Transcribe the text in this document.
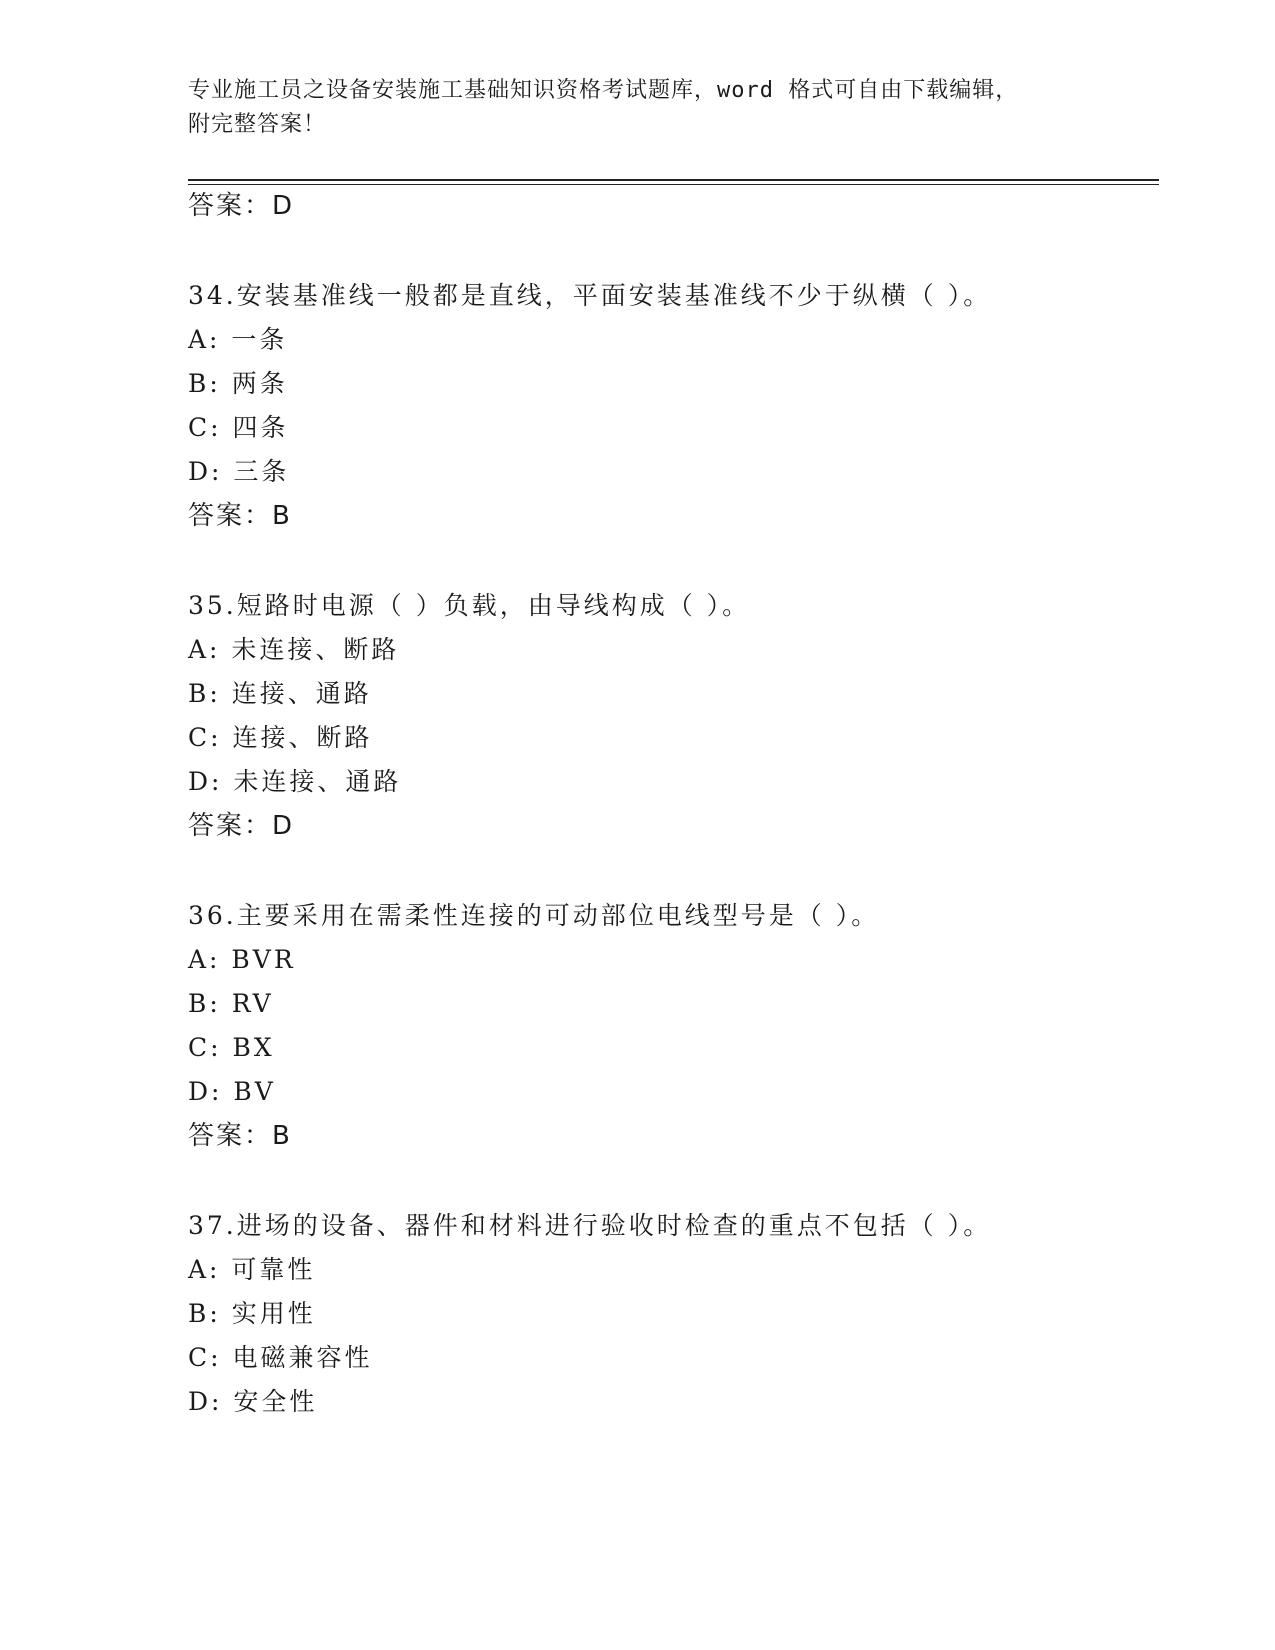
专业施工员之设备安装施工基础知识资格考试题库，word 格式可自由下载编辑，
附完整答案！
答案：D
34.安装基准线一般都是直线，平面安装基准线不少于纵横（ ）。
A: 一条
B: 两条
C: 四条
D: 三条
答案：B
35.短路时电源（ ）负载，由导线构成（ ）。
A: 未连接、断路
B: 连接、通路
C: 连接、断路
D: 未连接、通路
答案：D
36.主要采用在需柔性连接的可动部位电线型号是（ ）。
A: BVR
B: RV
C: BX
D: BV
答案：B
37.进场的设备、器件和材料进行验收时检查的重点不包括（ ）。
A: 可靠性
B: 实用性
C: 电磁兼容性
D: 安全性
